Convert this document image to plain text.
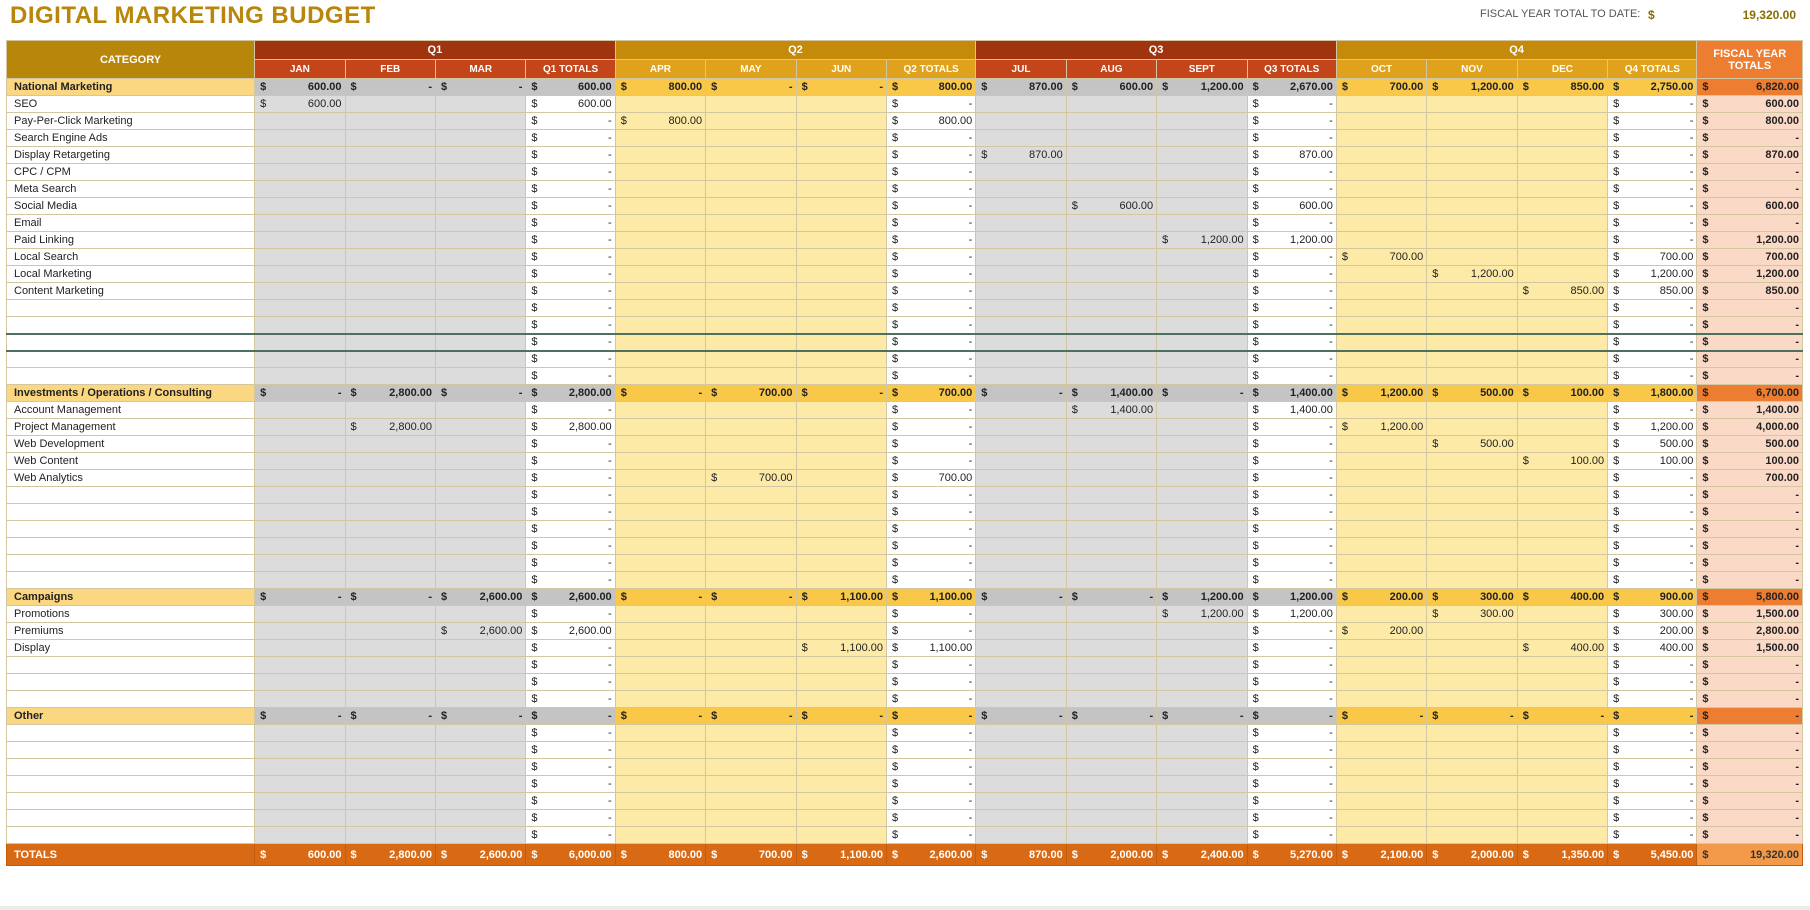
DIGITAL MARKETING BUDGET	FISCAL YEAR TOTAL TO DATE: $	19,320.00
CATEGORY	Q1				Q2				Q3				Q4				FISCAL YEAR
TOTALS

	JAN	FEB	MAR	Q1 TOTALS	APR	MAY	JUN	Q2 TOTALS	JUL	AUG	SEPT	Q3 TOTALS	OCT	NOV	DEC	Q4 TOTALS	
National Marketing	$ 600.00	$ -	$ -	$ 600.00	$ 800.00	$ -	$ -	$ 800.00	$ 870.00	$ 600.00	$ 1,200.00	$ 2,670.00	$ 700.00	$ 1,200.00	$ 850.00	$ 2,750.00	$ 6,820.00
SEO	$ 600.00			$ 600.00				$ -				$ -				$ -	$ 600.00
Pay-Per-Click Marketing				$ -	$ 800.00			$ 800.00				$ -				$ -	$ 800.00
Search Engine Ads				$ -				$ -				$ -				$ -	$ -
Display Retargeting				$ -				$ -	$ 870.00			$ 870.00				$ -	$ 870.00
CPC / CPM				$ -				$ -				$ -				$ -	$ -
Meta Search				$ -				$ -				$ -				$ -	$ -
Social Media				$ -				$ -		$ 600.00		$ 600.00				$ -	$ 600.00
Email				$ -				$ -				$ -				$ -	$ -
Paid Linking				$ -				$ -			$ 1,200.00	$ 1,200.00				$ -	$ 1,200.00
Local Search				$ -				$ -				$ -	$ 700.00			$ 700.00	$ 700.00
Local Marketing				$ -				$ -				$ -		$ 1,200.00		$ 1,200.00	$ 1,200.00
Content Marketing				$ -				$ -				$ -			$ 850.00	$ 850.00	$ 850.00

				$ -				$ -				$ -				$ -	$ -

				$ -				$ -				$ -				$ -	$ -

				$ -				$ -				$ -				$ -	$ -

				$ -				$ -				$ -				$ -	$ -

				$ -				$ -				$ -				$ -	$ -
Investments / Operations / Consulting	$ -	$ 2,800.00	$ -	$ 2,800.00	$ -	$ 700.00	$ -	$ 700.00	$ -	$ 1,400.00	$ -	$ 1,400.00	$ 1,200.00	$ 500.00	$ 100.00	$ 1,800.00	$ 6,700.00
Account Management				$ -				$ -		$ 1,400.00		$ 1,400.00				$ -	$ 1,400.00
Project Management		$ 2,800.00		$ 2,800.00				$ -				$ -	$ 1,200.00			$ 1,200.00	$ 4,000.00
Web Development				$ -				$ -				$ -		$ 500.00		$ 500.00	$ 500.00
Web Content				$ -				$ -				$ -			$ 100.00	$ 100.00	$ 100.00
Web Analytics				$ -		$ 700.00		$ 700.00				$ -				$ -	$ 700.00

				$ -				$ -				$ -				$ -	$ -

				$ -				$ -				$ -				$ -	$ -

				$ -				$ -				$ -				$ -	$ -

				$ -				$ -				$ -				$ -	$ -

				$ -				$ -				$ -				$ -	$ -

				$ -				$ -				$ -				$ -	$ -
Campaigns	$ -	$ -	$ 2,600.00	$ 2,600.00	$ -	$ -	$ 1,100.00	$ 1,100.00	$ -	$ -	$ 1,200.00	$ 1,200.00	$ 200.00	$ 300.00	$ 400.00	$ 900.00	$ 5,800.00
Promotions				$ -				$ -			$ 1,200.00	$ 1,200.00		$ 300.00		$ 300.00	$ 1,500.00
Premiums			$ 2,600.00	$ 2,600.00				$ -				$ -	$ 200.00			$ 200.00	$ 2,800.00
Display				$ -			$ 1,100.00	$ 1,100.00				$ -			$ 400.00	$ 400.00	$ 1,500.00

				$ -				$ -				$ -				$ -	$ -

				$ -				$ -				$ -				$ -	$ -

				$ -				$ -				$ -				$ -	$ -
Other	$ -	$ -	$ -	$ -	$ -	$ -	$ -	$ -	$ -	$ -	$ -	$ -	$ -	$ -	$ -	$ -	$ -

				$ -				$ -				$ -				$ -	$ -

				$ -				$ -				$ -				$ -	$ -

				$ -				$ -				$ -				$ -	$ -

				$ -				$ -				$ -				$ -	$ -

				$ -				$ -				$ -				$ -	$ -

				$ -				$ -				$ -				$ -	$ -

				$ -				$ -				$ -				$ -	$ -
TOTALS	$ 600.00	$ 2,800.00	$ 2,600.00	$ 6,000.00	$ 800.00	$ 700.00	$ 1,100.00	$ 2,600.00	$ 870.00	$ 2,000.00	$ 2,400.00	$ 5,270.00	$ 2,100.00	$ 2,000.00	$ 1,350.00	$ 5,450.00	$ 19,320.00
